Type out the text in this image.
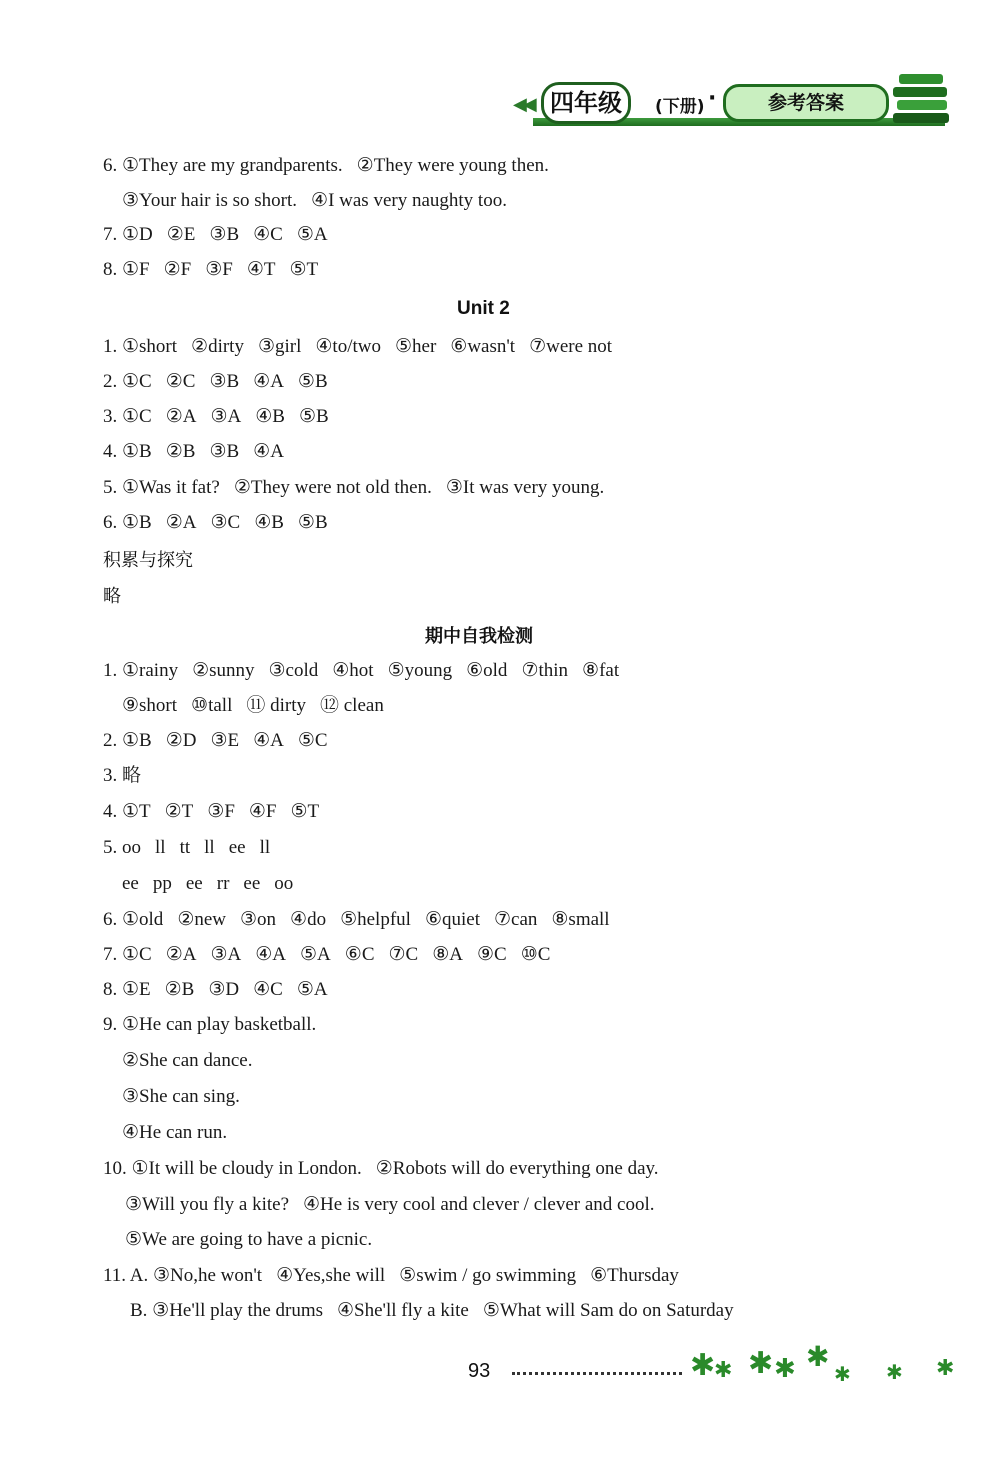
◀◀ 四年级	(下册) ·	参考答案
6. ①They are my grandparents. ②They were young then.
③Your hair is so short. ④I was very naughty too.
7. ①D ②E ③B ④C ⑤A
8. ①F ②F ③F ④T ⑤T
Unit 2
1. ①short ②dirty ③girl ④to/two ⑤her ⑥wasn't ⑦were not
2. ①C ②C ③B ④A ⑤B
3. ①C ②A ③A ④B ⑤B
4. ①B ②B ③B ④A
5. ①Was it fat? ②They were not old then. ③It was very young.
6. ①B ②A ③C ④B ⑤B
积累与探究
略
期中自我检测
1. ①rainy ②sunny ③cold ④hot ⑤young ⑥old ⑦thin ⑧fat
⑨short ⑩tall ⑪ dirty ⑫ clean
2. ①B ②D ③E ④A ⑤C
3. 略
4. ①T ②T ③F ④F ⑤T
5. oo ll tt ll ee ll
ee pp ee rr ee oo
6. ①old ②new ③on ④do ⑤helpful ⑥quiet ⑦can ⑧small
7. ①C ②A ③A ④A ⑤A ⑥C ⑦C ⑧A ⑨C ⑩C
8. ①E ②B ③D ④C ⑤A
9. ①He can play basketball.
②She can dance.
③She can sing.
④He can run.
10. ①It will be cloudy in London. ②Robots will do everything one day.
③Will you fly a kite? ④He is very cool and clever / clever and cool.
⑤We are going to have a picnic.
11. A. ③No,he won't ④Yes,she will ⑤swim / go swimming ⑥Thursday
B. ③He'll play the drums ④She'll fly a kite ⑤What will Sam do on Saturday
93	✱
✱ ✱ ✱ ✱
✱ ✱ ✱
